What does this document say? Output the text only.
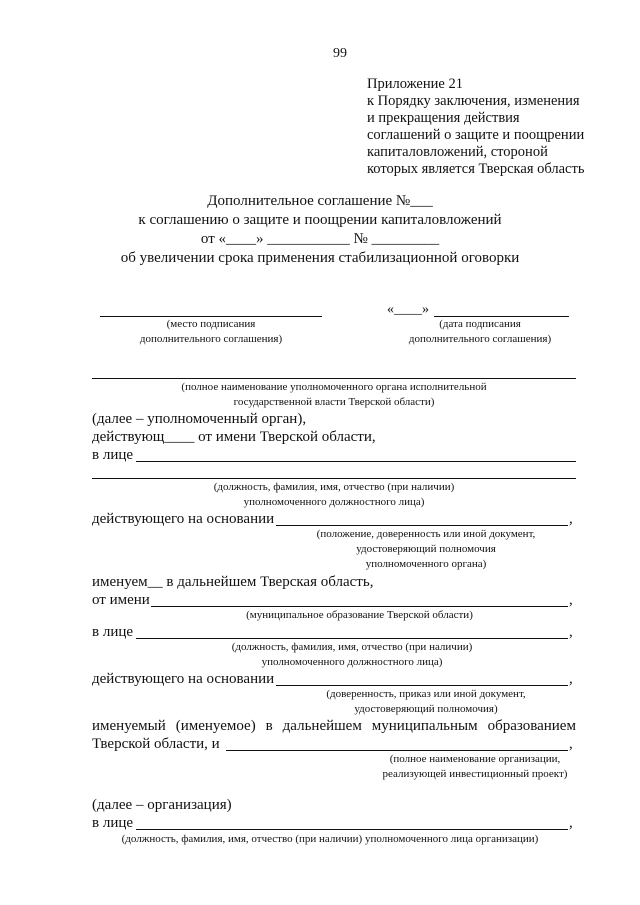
99
Приложение 21
к Порядку заключения, изменения
и прекращения действия
соглашений о защите и поощрении
капиталовложений, стороной
которых является Тверская область
Дополнительное соглашение №___
к соглашению о защите и поощрении капиталовложений
от «____» ___________ № _________
об увеличении срока применения стабилизационной оговорки
(место подписания
дополнительного соглашения)
«____»
(дата подписания
дополнительного соглашения)
(полное наименование уполномоченного органа исполнительной
государственной власти Тверской области)
(далее – уполномоченный орган),
действующ____ от имени Тверской области,
в лице
(должность, фамилия, имя, отчество (при наличии)
уполномоченного должностного лица)
действующего на основании	,
(положение, доверенность или иной документ,
удостоверяющий полномочия
уполномоченного органа)
именуем__ в дальнейшем Тверская область,
от имени	,
(муниципальное образование Тверской области)
в лице	,
(должность, фамилия, имя, отчество (при наличии)
уполномоченного должностного лица)
действующего на основании	,
(доверенность, приказ или иной документ,
удостоверяющий полномочия)
именуемый (именуемое) в дальнейшем муниципальным образованием
Тверской области, и	,
(полное наименование организации,
реализующей инвестиционный проект)
(далее – организация)
в лице	,
(должность, фамилия, имя, отчество (при наличии) уполномоченного лица организации)
